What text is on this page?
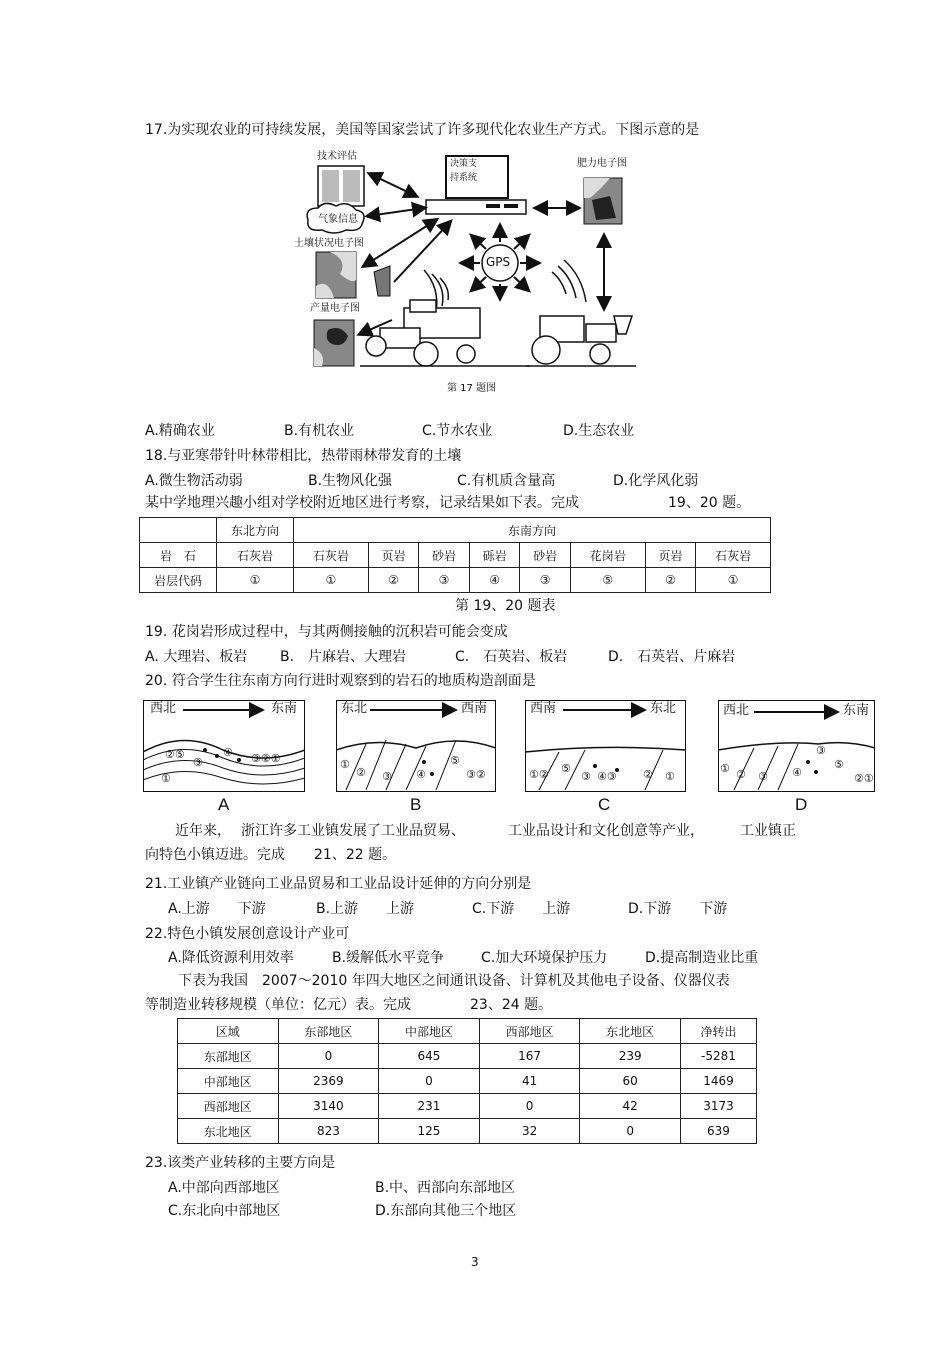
17.为实现农业的可持续发展，美国等国家尝试了许多现代化农业生产方式。下图示意的是
技术评估
决策支
持系统
肥力电子图
气象信息
土壤状况电子图
GPS
产量电子图
第 17 题图
A.精确农业	B.有机农业	C.节水农业	D.生态农业
18.与亚寒带针叶林带相比，热带雨林带发育的土壤
A.微生物活动弱	B.生物风化强	C.有机质含量高	D.化学风化弱
某中学地理兴趣小组对学校附近地区进行考察，记录结果如下表。完成	19、20 题。
	东北方向	东南方向							
岩　石	石灰岩	石灰岩	页岩	砂岩	砾岩	砂岩	花岗岩	页岩	石灰岩
岩层代码	①	①	②	③	④	③	⑤	②	①
第 19、20 题表
19. 花岗岩形成过程中，与其两侧接触的沉积岩可能会变成
A. 大理岩、板岩 B.　片麻岩、大理岩	C.　石英岩、板岩	D.　石英岩、片麻岩
20. 符合学生往东南方向行进时观察到的岩石的地质构造剖面是
②⑤
③
④ ③②①
①
西北	东南
A
①
② ③ ④
⑤
③②
东北	西南
B
①② ⑤
③ ④③ ② ①
西南	东北
C
① ② ③ ④
③
⑤
②①
西北	东南
D
近年来， 浙江许多工业镇发展了工业品贸易、	工业品设计和文化创意等产业，	工业镇正
向特色小镇迈进。完成 21、22 题。
21.工业镇产业链向工业品贸易和工业品设计延伸的方向分别是
A.上游　　下游	B.上游　　上游	C.下游　　上游	D.下游　　下游
22.特色小镇发展创意设计产业可
A.降低资源利用效率	B.缓解低水平竞争	C.加大环境保护压力	D.提高制造业比重
下表为我国　2007～2010 年四大地区之间通讯设备、计算机及其他电子设备、仪器仪表
等制造业转移规模（单位：亿元）表。完成	23、24 题。
区域	东部地区	中部地区	西部地区	东北地区	净转出
东部地区	0	645	167	239	-5281
中部地区	2369	0	41	60	1469
西部地区	3140	231	0	42	3173
东北地区	823	125	32	0	639
23.该类产业转移的主要方向是
A.中部向西部地区	B.中、西部向东部地区
C.东北向中部地区	D.东部向其他三个地区
3
